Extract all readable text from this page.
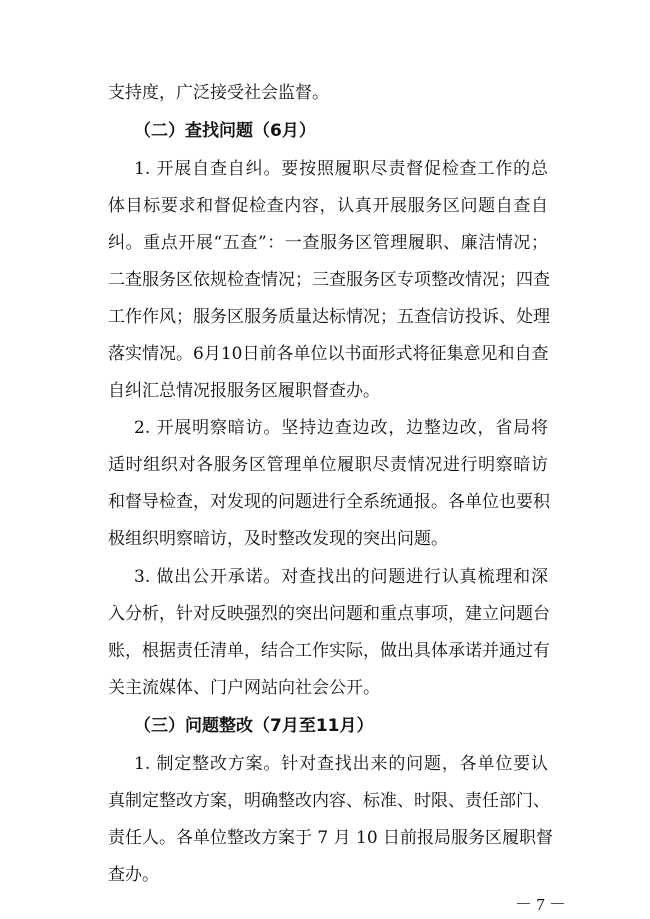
支持度，广泛接受社会监督。
（二）查找问题（6月）
1. 开展自查自纠。要按照履职尽责督促检查工作的总
体目标要求和督促检查内容，认真开展服务区问题自查自
纠。重点开展“五查”：一查服务区管理履职、廉洁情况；
二查服务区依规检查情况；三查服务区专项整改情况；四查
工作作风；服务区服务质量达标情况；五查信访投诉、处理
落实情况。6月10日前各单位以书面形式将征集意见和自查
自纠汇总情况报服务区履职督查办。
2. 开展明察暗访。坚持边查边改，边整边改，省局将
适时组织对各服务区管理单位履职尽责情况进行明察暗访
和督导检查，对发现的问题进行全系统通报。各单位也要积
极组织明察暗访，及时整改发现的突出问题。
3. 做出公开承诺。对查找出的问题进行认真梳理和深
入分析，针对反映强烈的突出问题和重点事项，建立问题台
账，根据责任清单，结合工作实际，做出具体承诺并通过有
关主流媒体、门户网站向社会公开。
（三）问题整改（7月至11月）
1. 制定整改方案。针对查找出来的问题，各单位要认
真制定整改方案，明确整改内容、标准、时限、责任部门、
责任人。各单位整改方案于 7 月 10 日前报局服务区履职督
查办。
－ 7 －
